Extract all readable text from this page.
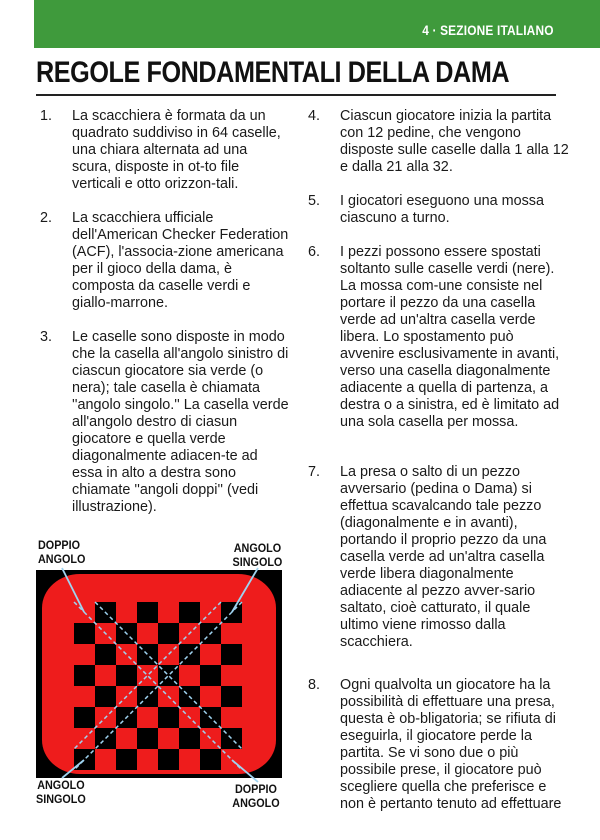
4 · SEZIONE ITALIANO
REGOLE FONDAMENTALI DELLA DAMA
1. La scacchiera è formata da un quadrato suddiviso in 64 caselle, una chiara alternata ad una scura, disposte in ot-to file verticali e otto orizzon-tali.
2. La scacchiera ufficiale dell'American Checker Federation (ACF), l'associa-zione americana per il gioco della dama, è composta da caselle verdi e giallo-marrone.
3. Le caselle sono disposte in modo che la casella all'angolo sinistro di ciascun giocatore sia verde (o nera); tale casella è chiamata ''angolo singolo.'' La casella verde all'angolo destro di ciasun giocatore e quella verde diagonalmente adiacen-te ad essa in alto a destra sono chiamate ''angoli doppi'' (vedi illustrazione).
4. Ciascun giocatore inizia la partita con 12 pedine, che vengono disposte sulle caselle dalla 1 alla 12 e dalla 21 alla 32.
5. I giocatori eseguono una mossa ciascuno a turno.
6. I pezzi possono essere spostati soltanto sulle caselle verdi (nere). La mossa com-une consiste nel portare il pezzo da una casella verde ad un'altra casella verde libera. Lo spostamento può avvenire esclusivamente in avanti, verso una casella diagonalmente adiacente a quella di partenza, a destra o a sinistra, ed è limitato ad una sola casella per mossa.
7. La presa o salto di un pezzo avversario (pedina o Dama) si effettua scavalcando tale pezzo (diagonalmente e in avanti), portando il proprio pezzo da una casella verde ad un'altra casella verde libera diagonalmente adiacente al pezzo avver-sario saltato, cioè catturato, il quale ultimo viene rimosso dalla scacchiera.
8. Ogni qualvolta un giocatore ha la possibilità di effettuare una presa, questa è ob-bligatoria; se rifiuta di eseguirla, il giocatore perde la partita. Se vi sono due o più possibile prese, il giocatore può scegliere quella che preferisce e non è pertanto tenuto ad effettuare
DOPPIO
ANGOLO
ANGOLO
SINGOLO
ANGOLO
SINGOLO
DOPPIO
ANGOLO
